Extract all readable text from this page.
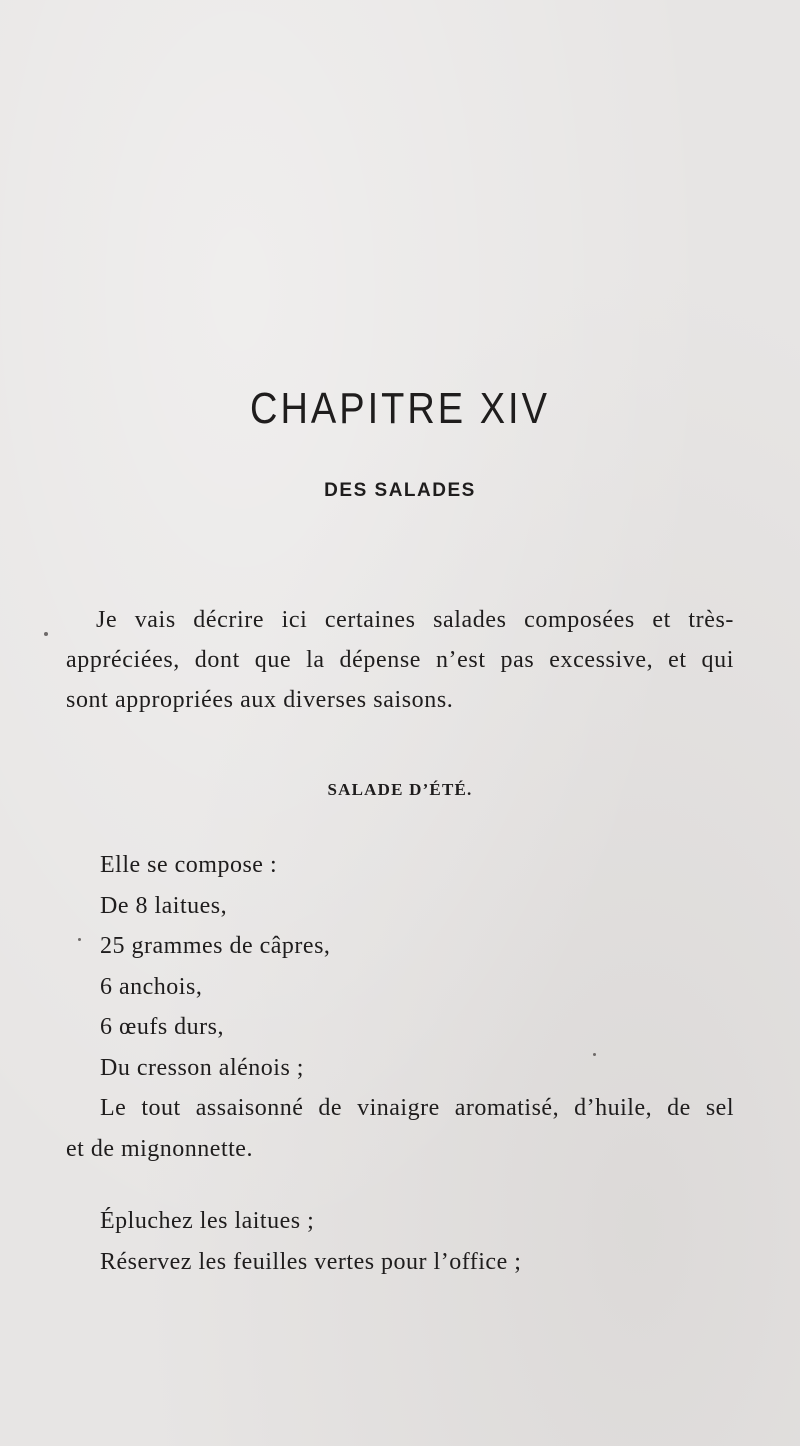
CHAPITRE XIV
DES SALADES
Je vais décrire ici certaines salades composées et très-
appréciées, dont que la dépense n’est pas excessive, et qui
sont appropriées aux diverses saisons.
SALADE D’ÉTÉ.
Elle se compose :
De 8 laitues,
25 grammes de câpres,
6 anchois,
6 œufs durs,
Du cresson alénois ;
Le tout assaisonné de vinaigre aromatisé, d’huile, de sel
et de mignonnette.
Épluchez les laitues ;
Réservez les feuilles vertes pour l’office ;
